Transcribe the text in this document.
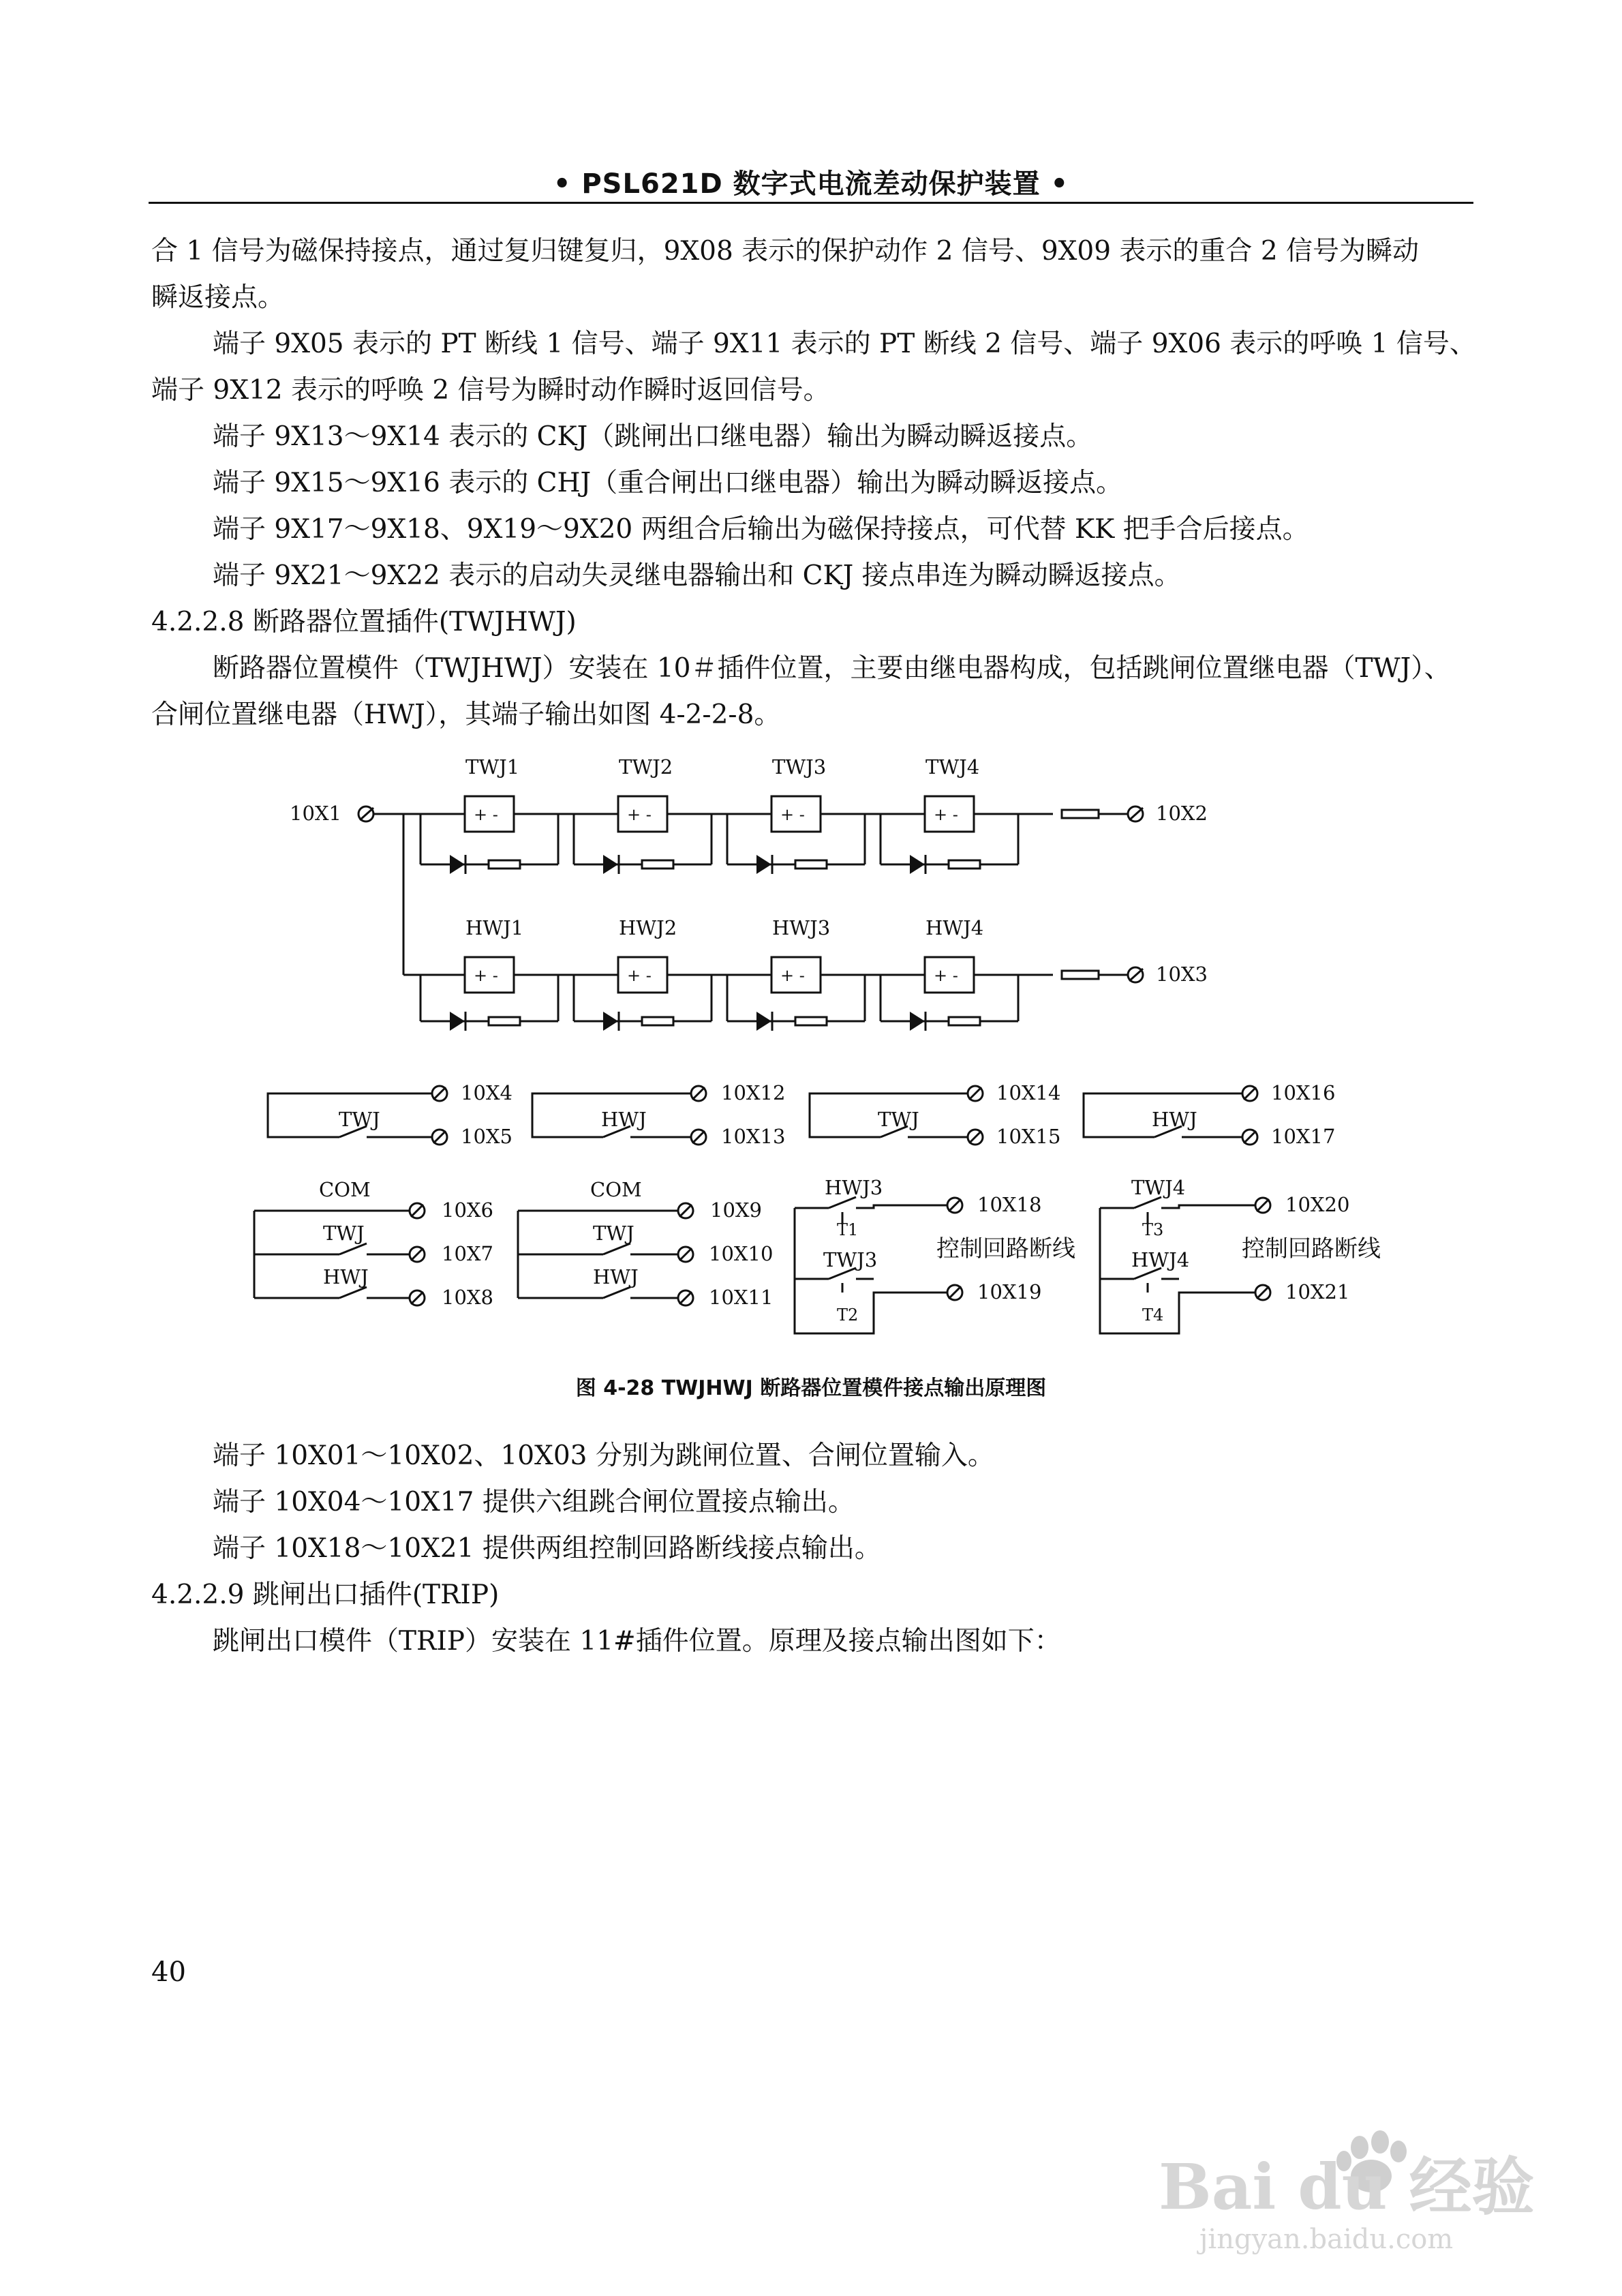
• PSL621D 数字式电流差动保护装置 •
合 1 信号为磁保持接点，通过复归键复归，9X08 表示的保护动作 2 信号、9X09 表示的重合 2 信号为瞬动
瞬返接点。
端子 9X05 表示的 PT 断线 1 信号、端子 9X11 表示的 PT 断线 2 信号、端子 9X06 表示的呼唤 1 信号、
端子 9X12 表示的呼唤 2 信号为瞬时动作瞬时返回信号。
端子 9X13～9X14 表示的 CKJ（跳闸出口继电器）输出为瞬动瞬返接点。
端子 9X15～9X16 表示的 CHJ（重合闸出口继电器）输出为瞬动瞬返接点。
端子 9X17～9X18、9X19～9X20 两组合后输出为磁保持接点，可代替 KK 把手合后接点。
端子 9X21～9X22 表示的启动失灵继电器输出和 CKJ 接点串连为瞬动瞬返接点。
4.2.2.8 断路器位置插件(TWJHWJ)
断路器位置模件（TWJHWJ）安装在 10＃插件位置，主要由继电器构成，包括跳闸位置继电器（TWJ）、
合闸位置继电器（HWJ），其端子输出如图 4-2-2-8。
10X1
TWJ1
+ -
TWJ2
+ -
TWJ3
+ -
TWJ4
+ -	10X2
HWJ1
+ -
HWJ2
+ -
HWJ3
+ -
HWJ4
+ -	10X3
TWJ
10X4
10X5
HWJ
10X12
10X13
TWJ
10X14
10X15
HWJ
10X16
10X17
COM
TWJ
HWJ
10X6
10X7
10X8
COM
TWJ
HWJ
10X9
10X10
10X11
HWJ3
T1
TWJ3
T2
10X18
10X19
控制回路断线
TWJ4
T3
HWJ4
T4
10X20
10X21
控制回路断线
图 4-28 TWJHWJ 断路器位置模件接点输出原理图
端子 10X01～10X02、10X03 分别为跳闸位置、合闸位置输入。
端子 10X04～10X17 提供六组跳合闸位置接点输出。
端子 10X18～10X21 提供两组控制回路断线接点输出。
4.2.2.9 跳闸出口插件(TRIP)
跳闸出口模件（TRIP）安装在 11#插件位置。原理及接点输出图如下：
40
Bai du 经验
jingyan.baidu.com
